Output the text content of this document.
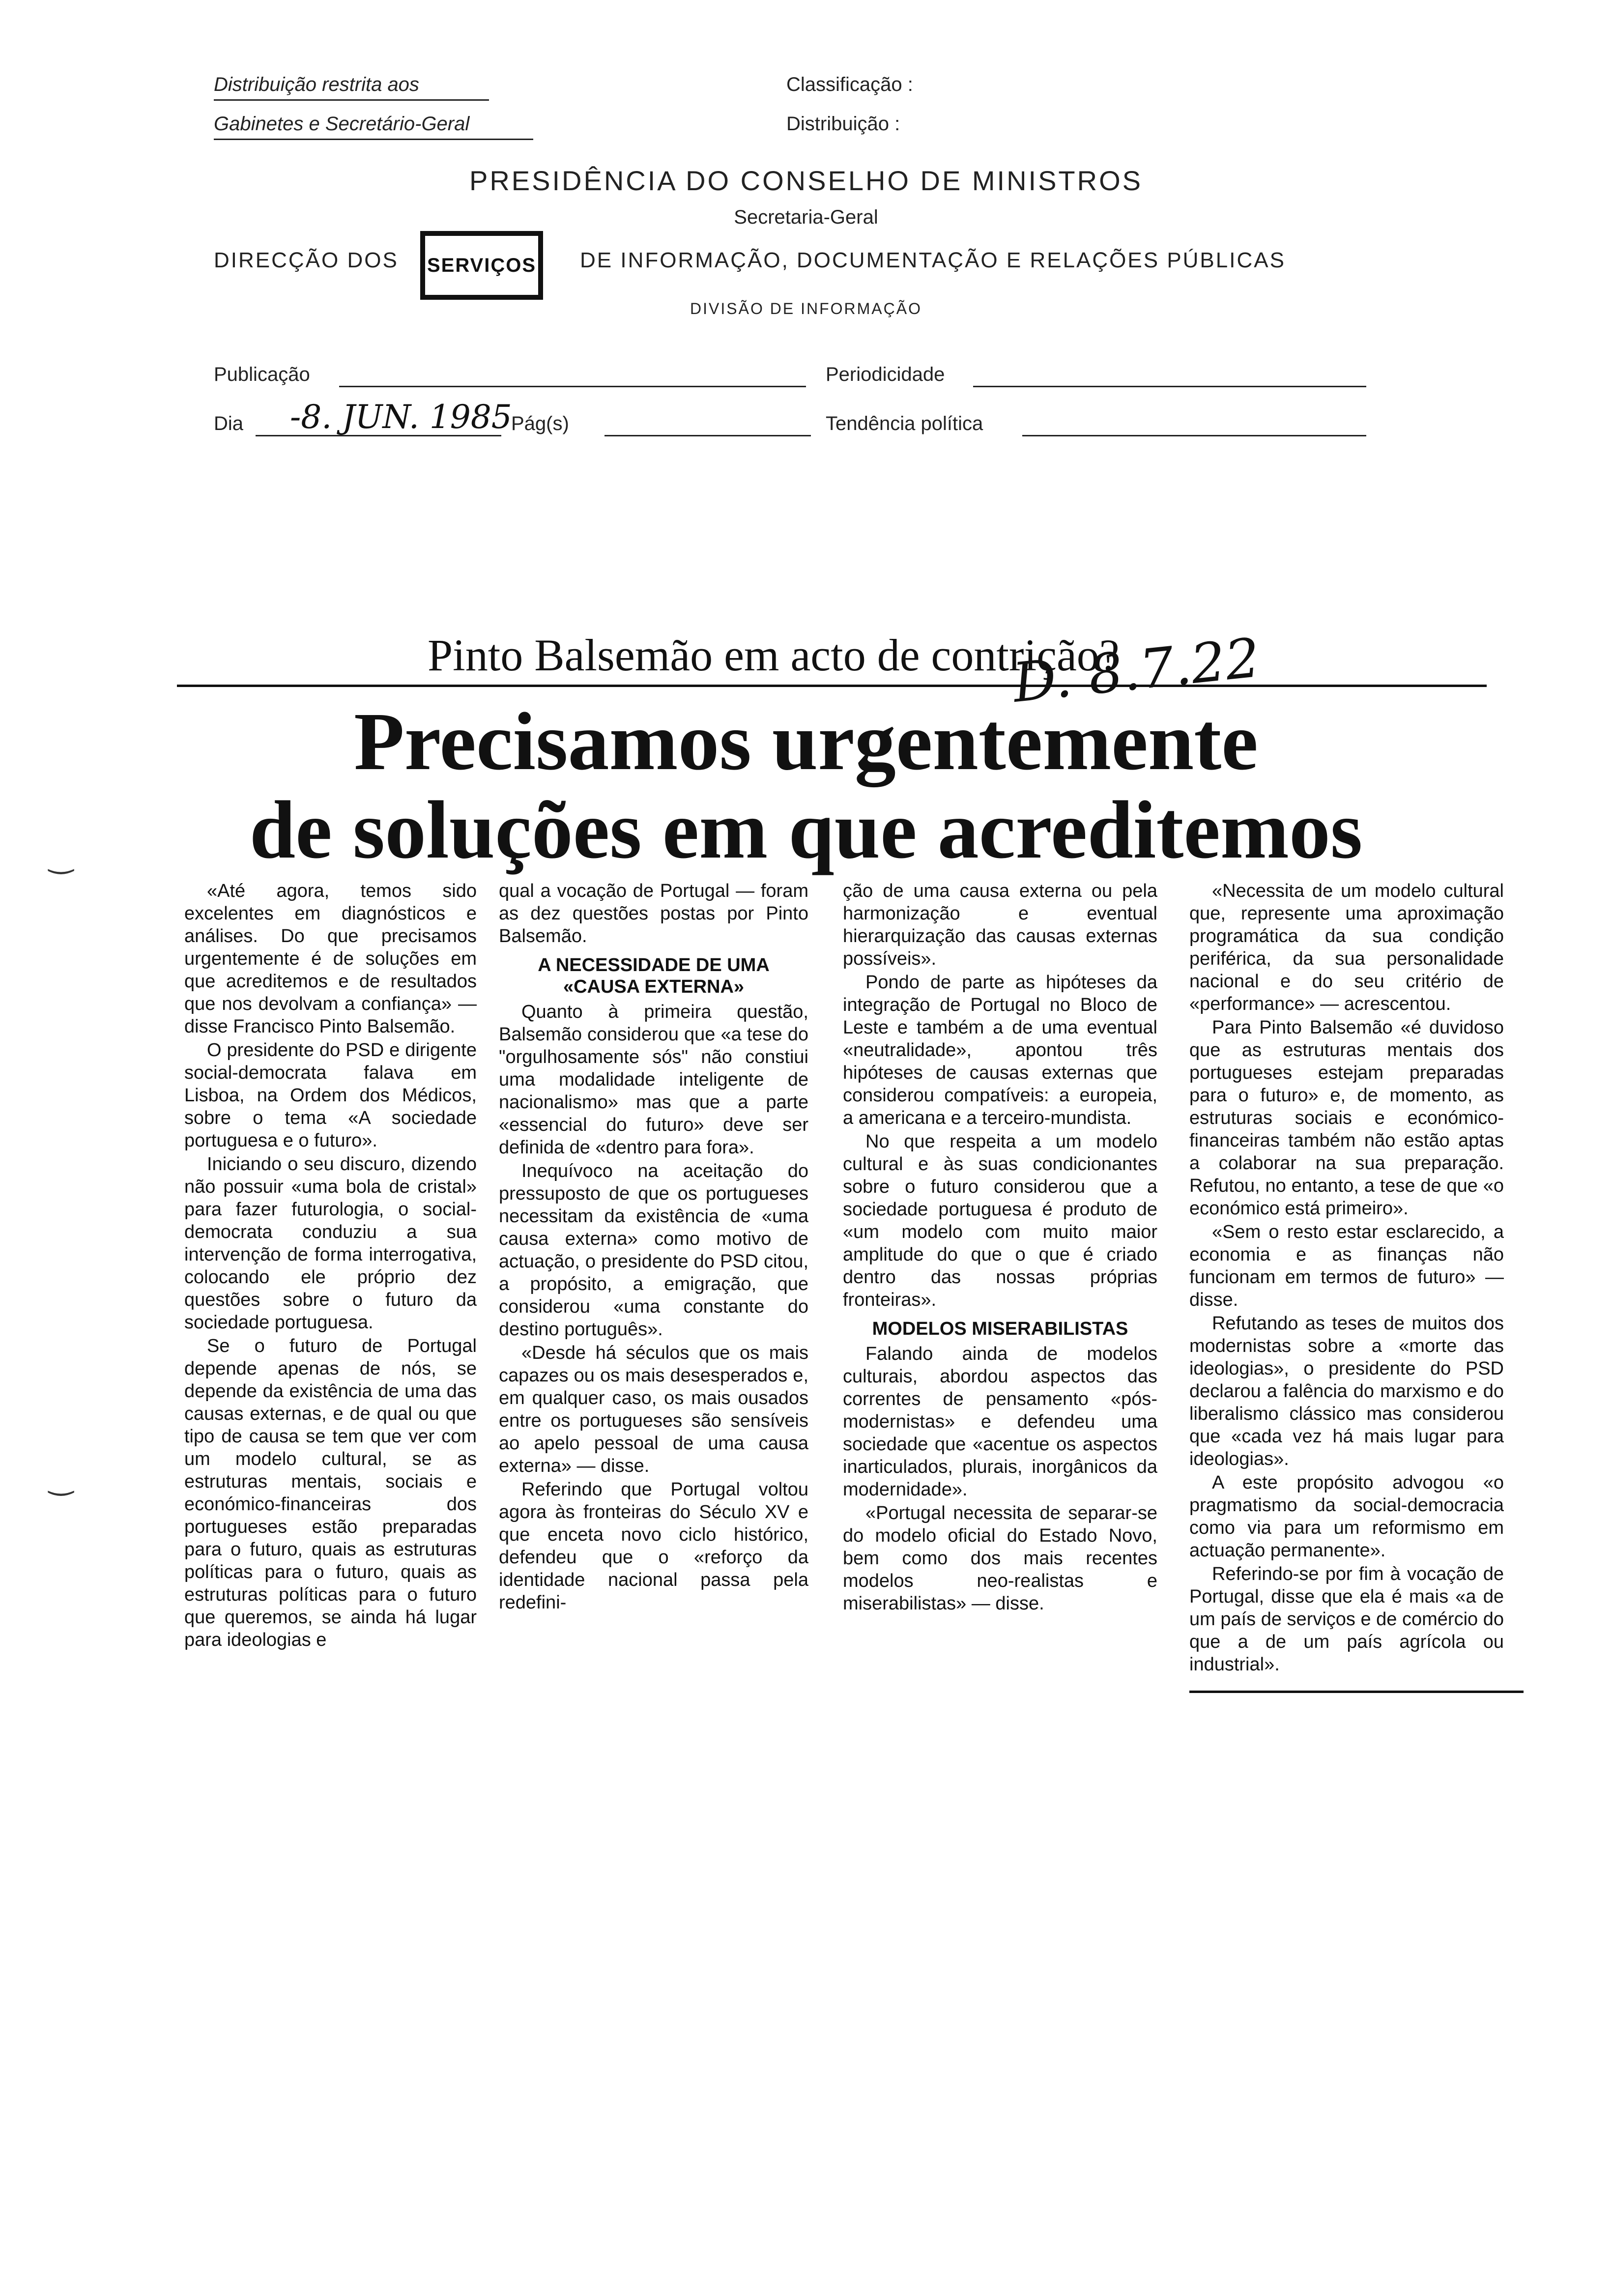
Distribuição restrita aos
Gabinetes e Secretário-Geral
Classificação :
Distribuição :
PRESIDÊNCIA DO CONSELHO DE MINISTROS
Secretaria-Geral
DIRECÇÃO DOS SERVIÇOS DE INFORMAÇÃO, DOCUMENTAÇÃO E RELAÇÕES PÚBLICAS
DIVISÃO DE INFORMAÇÃO
Publicação	Periodicidade
Dia -8. JUN. 1985
Pág(s)	Tendência política
Pinto Balsemão em acto de contrição?
D. 8.7.22
Precisamos urgentemente
de soluções em que acreditemos
‿
‿

«Até agora, temos sido excelentes em diagnósticos e análises. Do que precisamos urgentemente é de soluções em que acreditemos e de resultados que nos devolvam a confiança» — disse Francisco Pinto Balsemão.

O presidente do PSD e dirigente social-democrata falava em Lisboa, na Ordem dos Médicos, sobre o tema «A sociedade portuguesa e o futuro».

Iniciando o seu discuro, dizendo não possuir «uma bola de cristal» para fazer futurologia, o social-democrata conduziu a sua intervenção de forma interrogativa, colocando ele próprio dez questões sobre o futuro da sociedade portuguesa.

Se o futuro de Portugal depende apenas de nós, se depende da existência de uma das causas externas, e de qual ou que tipo de causa se tem que ver com um modelo cultural, se as estruturas mentais, sociais e económico-financeiras dos portugueses estão preparadas para o futuro, quais as estruturas políticas para o futuro, quais as estruturas políticas para o futuro que queremos, se ainda há lugar para ideologias e

qual a vocação de Portugal — foram as dez questões postas por Pinto Balsemão.

A NECESSIDADE DE UMA «CAUSA EXTERNA»

Quanto à primeira questão, Balsemão considerou que «a tese do "orgulhosamente sós" não constiui uma modalidade inteligente de nacionalismo» mas que a parte «essencial do futuro» deve ser definida de «dentro para fora».

Inequívoco na aceitação do pressuposto de que os portugueses necessitam da existência de «uma causa externa» como motivo de actuação, o presidente do PSD citou, a propósito, a emigração, que considerou «uma constante do destino português».

«Desde há séculos que os mais capazes ou os mais desesperados e, em qualquer caso, os mais ousados entre os portugueses são sensíveis ao apelo pessoal de uma causa externa» — disse.

Referindo que Portugal voltou agora às fronteiras do Século XV e que enceta novo ciclo histórico, defendeu que o «reforço da identidade nacional passa pela redefini-

ção de uma causa externa ou pela harmonização e eventual hierarquização das causas externas possíveis».

Pondo de parte as hipóteses da integração de Portugal no Bloco de Leste e também a de uma eventual «neutralidade», apontou três hipóteses de causas externas que considerou compatíveis: a europeia, a americana e a terceiro-mundista.

No que respeita a um modelo cultural e às suas condicionantes sobre o futuro considerou que a sociedade portuguesa é produto de «um modelo com muito maior amplitude do que o que é criado dentro das nossas próprias fronteiras».

MODELOS MISERABILISTAS

Falando ainda de modelos culturais, abordou aspectos das correntes de pensamento «pós-modernistas» e defendeu uma sociedade que «acentue os aspectos inarticulados, plurais, inorgânicos da modernidade».

«Portugal necessita de separar-se do modelo oficial do Estado Novo, bem como dos mais recentes modelos neo-realistas e miserabilistas» — disse.

«Necessita de um modelo cultural que, represente uma aproximação programática da sua condição periférica, da sua personalidade nacional e do seu critério de «performance» — acrescentou.

Para Pinto Balsemão «é duvidoso que as estruturas mentais dos portugueses estejam preparadas para o futuro» e, de momento, as estruturas sociais e económico-financeiras também não estão aptas a colaborar na sua preparação. Refutou, no entanto, a tese de que «o económico está primeiro».

«Sem o resto estar esclarecido, a economia e as finanças não funcionam em termos de futuro» — disse.

Refutando as teses de muitos dos modernistas sobre a «morte das ideologias», o presidente do PSD declarou a falência do marxismo e do liberalismo clássico mas considerou que «cada vez há mais lugar para ideologias».

A este propósito advogou «o pragmatismo da social-democracia como via para um reformismo em actuação permanente».

Referindo-se por fim à vocação de Portugal, disse que ela é mais «a de um país de serviços e de comércio do que a de um país agrícola ou industrial».
